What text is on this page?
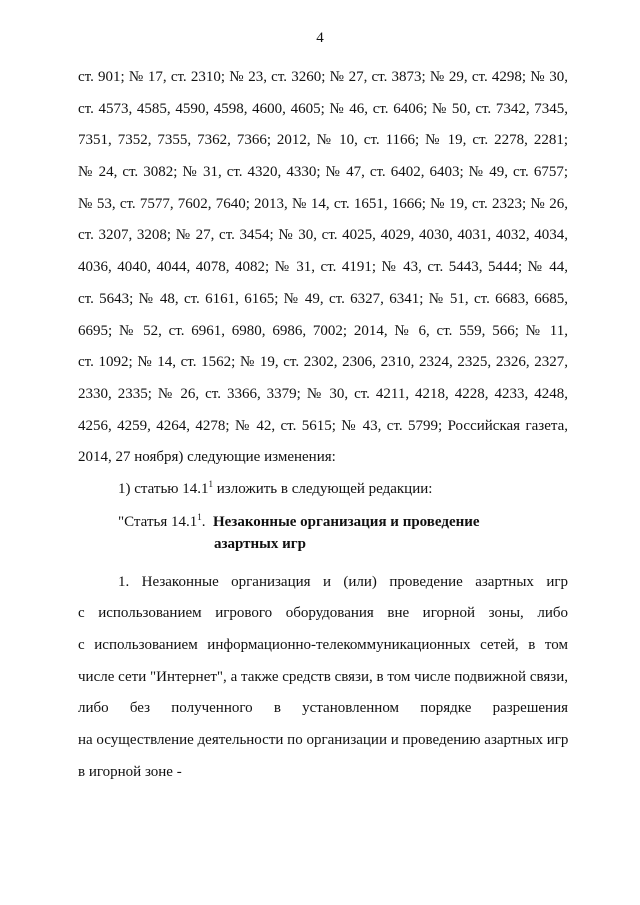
4
ст. 901; № 17, ст. 2310; № 23, ст. 3260; № 27, ст. 3873; № 29, ст. 4298; № 30,
ст. 4573, 4585, 4590, 4598, 4600, 4605; № 46, ст. 6406; № 50, ст. 7342, 7345,
7351, 7352, 7355, 7362, 7366; 2012, № 10, ст. 1166; № 19, ст. 2278, 2281;
№ 24, ст. 3082; № 31, ст. 4320, 4330; № 47, ст. 6402, 6403; № 49, ст. 6757;
№ 53, ст. 7577, 7602, 7640; 2013, № 14, ст. 1651, 1666; № 19, ст. 2323; № 26,
ст. 3207, 3208; № 27, ст. 3454; № 30, ст. 4025, 4029, 4030, 4031, 4032, 4034,
4036, 4040, 4044, 4078, 4082; № 31, ст. 4191; № 43, ст. 5443, 5444; № 44,
ст. 5643; № 48, ст. 6161, 6165; № 49, ст. 6327, 6341; № 51, ст. 6683, 6685,
6695; № 52, ст. 6961, 6980, 6986, 7002; 2014, № 6, ст. 559, 566; № 11,
ст. 1092; № 14, ст. 1562; № 19, ст. 2302, 2306, 2310, 2324, 2325, 2326, 2327,
2330, 2335; № 26, ст. 3366, 3379; № 30, ст. 4211, 4218, 4228, 4233, 4248,
4256, 4259, 4264, 4278; № 42, ст. 5615; № 43, ст. 5799; Российская газета,
2014, 27 ноября) следующие изменения:
1) статью 14.1$^1$ изложить в следующей редакции:
"Статья 14.1$^1$. Незаконные организация и проведение
азартных игр
1. Незаконные организация и (или) проведение азартных игр
с использованием игрового оборудования вне игорной зоны, либо
с использованием информационно-телекоммуникационных сетей, в том
числе сети "Интернет", а также средств связи, в том числе подвижной связи,
либо без полученного в установленном порядке разрешения
на осуществление деятельности по организации и проведению азартных игр
в игорной зоне -
